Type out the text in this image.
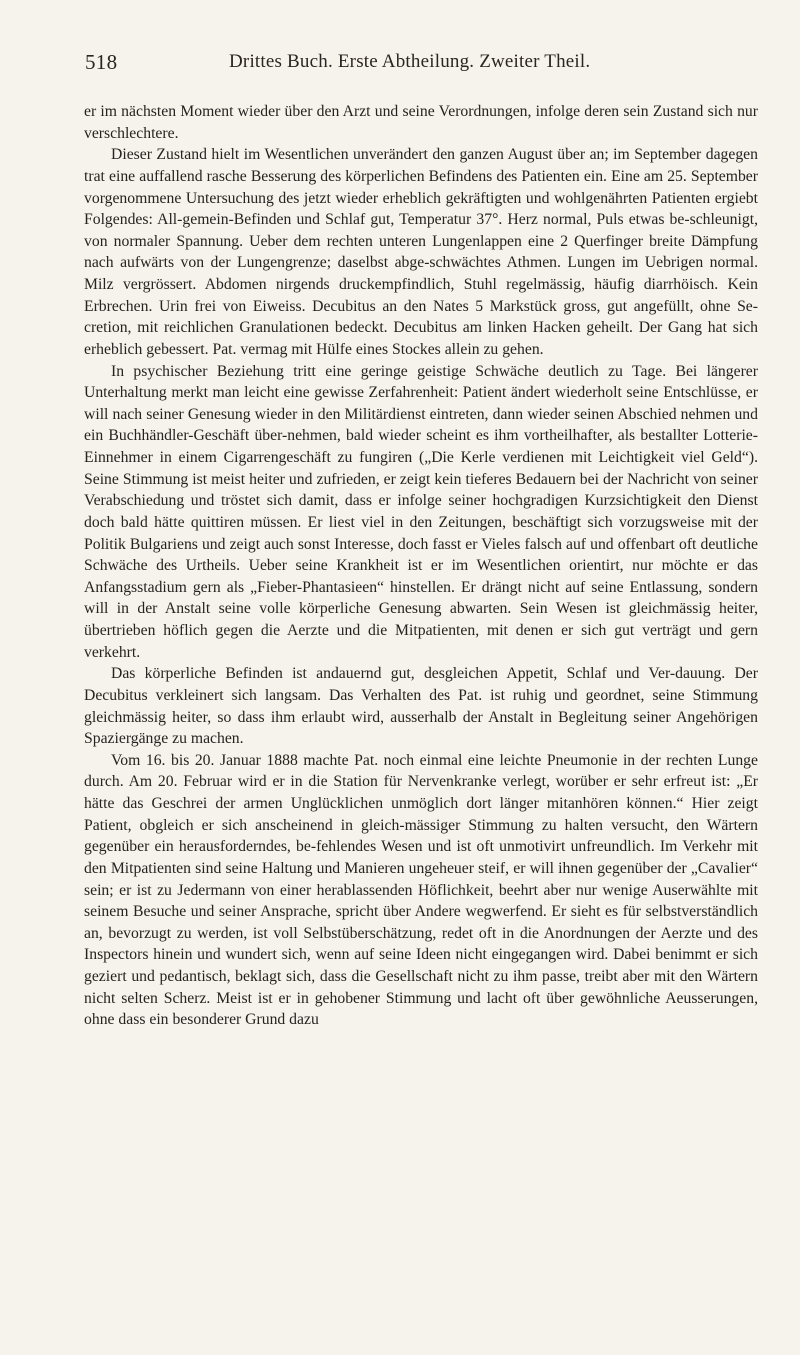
518	Drittes Buch. Erste Abtheilung. Zweiter Theil.

er im nächsten Moment wieder über den Arzt und seine Verordnungen, infolge deren sein Zustand sich nur verschlechtere.

Dieser Zustand hielt im Wesentlichen unverändert den ganzen August über an; im September dagegen trat eine auffallend rasche Besserung des körperlichen Befindens des Patienten ein. Eine am 25. September vorgenommene Untersuchung des jetzt wieder erheblich gekräftigten und wohlgenährten Patienten ergiebt Folgendes: All-gemein-Befinden und Schlaf gut, Temperatur 37°. Herz normal, Puls etwas be-schleunigt, von normaler Spannung. Ueber dem rechten unteren Lungenlappen eine 2 Querfinger breite Dämpfung nach aufwärts von der Lungengrenze; daselbst abge-schwächtes Athmen. Lungen im Uebrigen normal. Milz vergrössert. Abdomen nirgends druckempfindlich, Stuhl regelmässig, häufig diarrhöisch. Kein Erbrechen. Urin frei von Eiweiss. Decubitus an den Nates 5 Markstück gross, gut angefüllt, ohne Se-cretion, mit reichlichen Granulationen bedeckt. Decubitus am linken Hacken geheilt. Der Gang hat sich erheblich gebessert. Pat. vermag mit Hülfe eines Stockes allein zu gehen.

In psychischer Beziehung tritt eine geringe geistige Schwäche deutlich zu Tage. Bei längerer Unterhaltung merkt man leicht eine gewisse Zerfahrenheit: Patient ändert wiederholt seine Entschlüsse, er will nach seiner Genesung wieder in den Militärdienst eintreten, dann wieder seinen Abschied nehmen und ein Buchhändler-Geschäft über-nehmen, bald wieder scheint es ihm vortheilhafter, als bestallter Lotterie-Einnehmer in einem Cigarrengeschäft zu fungiren („Die Kerle verdienen mit Leichtigkeit viel Geld“). Seine Stimmung ist meist heiter und zufrieden, er zeigt kein tieferes Bedauern bei der Nachricht von seiner Verabschiedung und tröstet sich damit, dass er infolge seiner hochgradigen Kurzsichtigkeit den Dienst doch bald hätte quittiren müssen. Er liest viel in den Zeitungen, beschäftigt sich vorzugsweise mit der Politik Bulgariens und zeigt auch sonst Interesse, doch fasst er Vieles falsch auf und offenbart oft deutliche Schwäche des Urtheils. Ueber seine Krankheit ist er im Wesentlichen orientirt, nur möchte er das Anfangsstadium gern als „Fieber-Phantasieen“ hinstellen. Er drängt nicht auf seine Entlassung, sondern will in der Anstalt seine volle körperliche Genesung abwarten. Sein Wesen ist gleichmässig heiter, übertrieben höflich gegen die Aerzte und die Mitpatienten, mit denen er sich gut verträgt und gern verkehrt.

Das körperliche Befinden ist andauernd gut, desgleichen Appetit, Schlaf und Ver-dauung. Der Decubitus verkleinert sich langsam. Das Verhalten des Pat. ist ruhig und geordnet, seine Stimmung gleichmässig heiter, so dass ihm erlaubt wird, ausserhalb der Anstalt in Begleitung seiner Angehörigen Spaziergänge zu machen.

Vom 16. bis 20. Januar 1888 machte Pat. noch einmal eine leichte Pneumonie in der rechten Lunge durch. Am 20. Februar wird er in die Station für Nervenkranke verlegt, worüber er sehr erfreut ist: „Er hätte das Geschrei der armen Unglücklichen unmöglich dort länger mitanhören können.“ Hier zeigt Patient, obgleich er sich anscheinend in gleich-mässiger Stimmung zu halten versucht, den Wärtern gegenüber ein herausforderndes, be-fehlendes Wesen und ist oft unmotivirt unfreundlich. Im Verkehr mit den Mitpatienten sind seine Haltung und Manieren ungeheuer steif, er will ihnen gegenüber der „Cavalier“ sein; er ist zu Jedermann von einer herablassenden Höflichkeit, beehrt aber nur wenige Auserwählte mit seinem Besuche und seiner Ansprache, spricht über Andere wegwerfend. Er sieht es für selbstverständlich an, bevorzugt zu werden, ist voll Selbstüberschätzung, redet oft in die Anordnungen der Aerzte und des Inspectors hinein und wundert sich, wenn auf seine Ideen nicht eingegangen wird. Dabei benimmt er sich geziert und pedantisch, beklagt sich, dass die Gesellschaft nicht zu ihm passe, treibt aber mit den Wärtern nicht selten Scherz. Meist ist er in gehobener Stimmung und lacht oft über gewöhnliche Aeusserungen, ohne dass ein besonderer Grund dazu
